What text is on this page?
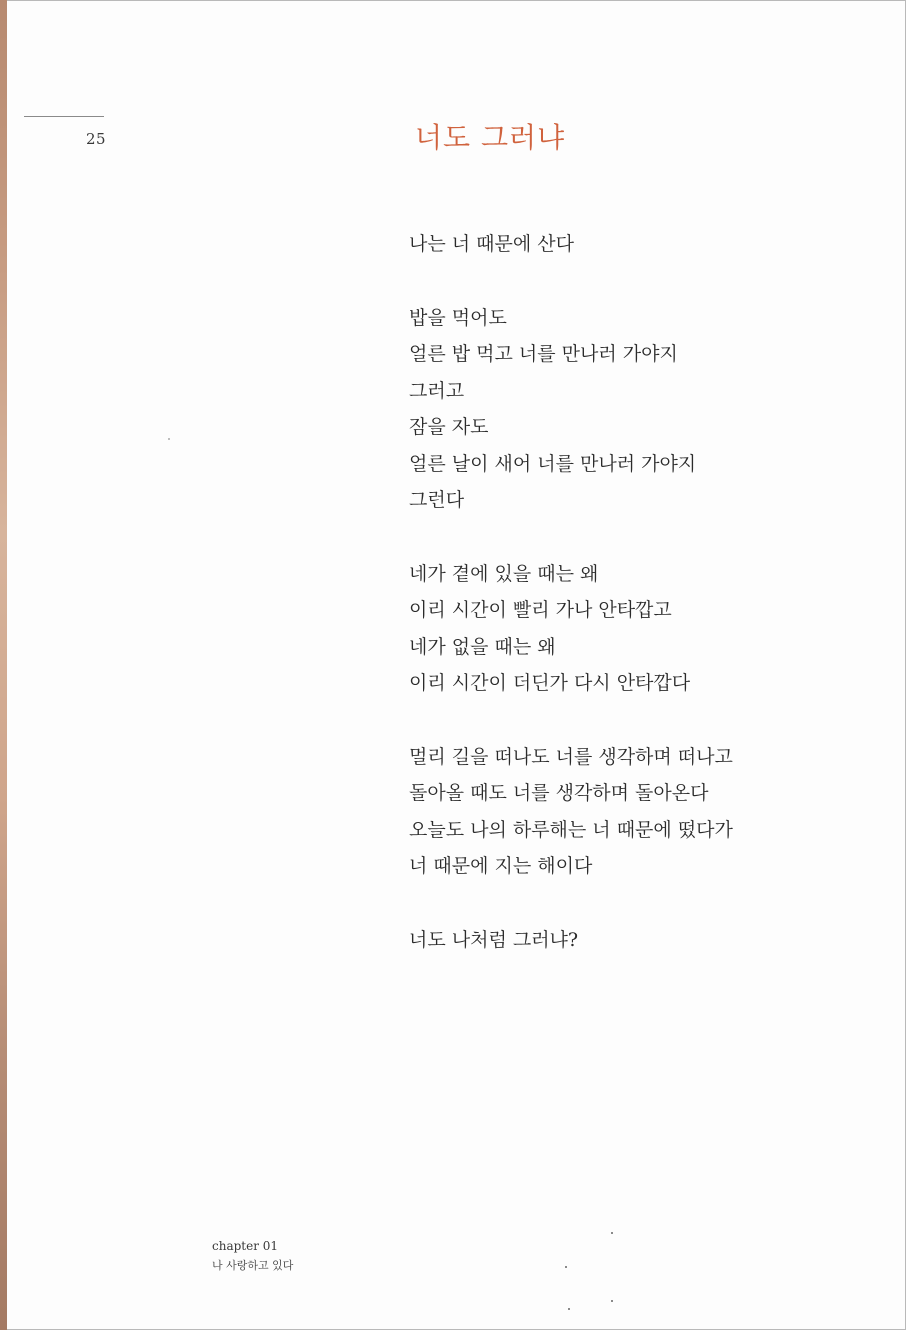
25	너도 그러냐
나는 너 때문에 산다
밥을 먹어도
얼른 밥 먹고 너를 만나러 가야지
그러고
잠을 자도
얼른 날이 새어 너를 만나러 가야지
그런다
네가 곁에 있을 때는 왜
이리 시간이 빨리 가나 안타깝고
네가 없을 때는 왜
이리 시간이 더딘가 다시 안타깝다
멀리 길을 떠나도 너를 생각하며 떠나고
돌아올 때도 너를 생각하며 돌아온다
오늘도 나의 하루해는 너 때문에 떴다가
너 때문에 지는 해이다
너도 나처럼 그러냐?
chapter 01
나 사랑하고 있다
